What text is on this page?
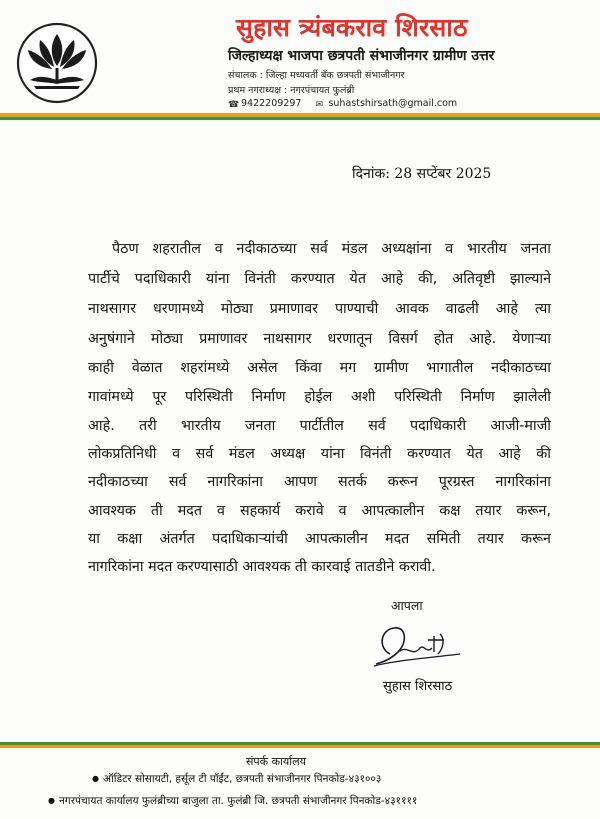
सुहास त्र्यंबकराव शिरसाठ
जिल्हाध्यक्ष भाजपा छत्रपती संभाजीनगर ग्रामीण उत्तर
संचालक : जिल्हा मध्यवर्ती बँक छत्रपती संभाजीनगर
प्रथम नगराध्यक्ष : नगरपंचायत फुलंब्री
☎ 9422209297 ✉ suhastshirsath@gmail.com
दिनांक: 28 सप्टेंबर 2025
पैठण शहरातील व नदीकाठच्या सर्व मंडल अध्यक्षांना व भारतीय जनता
पार्टीचे पदाधिकारी यांना विनंती करण्यात येत आहे की, अतिवृष्टी झाल्याने
नाथसागर धरणामध्ये मोठ्या प्रमाणावर पाण्याची आवक वाढली आहे त्या
अनुषंगाने मोठ्या प्रमाणावर नाथसागर धरणातून विसर्ग होत आहे. येणाऱ्या
काही वेळात शहरांमध्ये असेल किंवा मग ग्रामीण भागातील नदीकाठच्या
गावांमध्ये पूर परिस्थिती निर्माण होईल अशी परिस्थिती निर्माण झालेली
आहे. तरी भारतीय जनता पार्टीतील सर्व पदाधिकारी आजी-माजी
लोकप्रतिनिधी व सर्व मंडल अध्यक्ष यांना विनंती करण्यात येत आहे की
नदीकाठच्या सर्व नागरिकांना आपण सतर्क करून पूरग्रस्त नागरिकांना
आवश्यक ती मदत व सहकार्य करावे व आपत्कालीन कक्ष तयार करून,
या कक्षा अंतर्गत पदाधिकाऱ्यांची आपत्कालीन मदत समिती तयार करून
नागरिकांना मदत करण्यासाठी आवश्यक ती कारवाई तातडीने करावी.
आपला
सुहास शिरसाठ
संपर्क कार्यालय
● ऑडिटर सोसायटी, हर्सूल टी पॉईंट, छत्रपती संभाजीनगर पिनकोड-४३१००३
● नगरपंचायत कार्यालय फुलंब्रीच्या बाजुला ता. फुलंब्री जि. छत्रपती संभाजीनगर पिनकोड-४३११११
